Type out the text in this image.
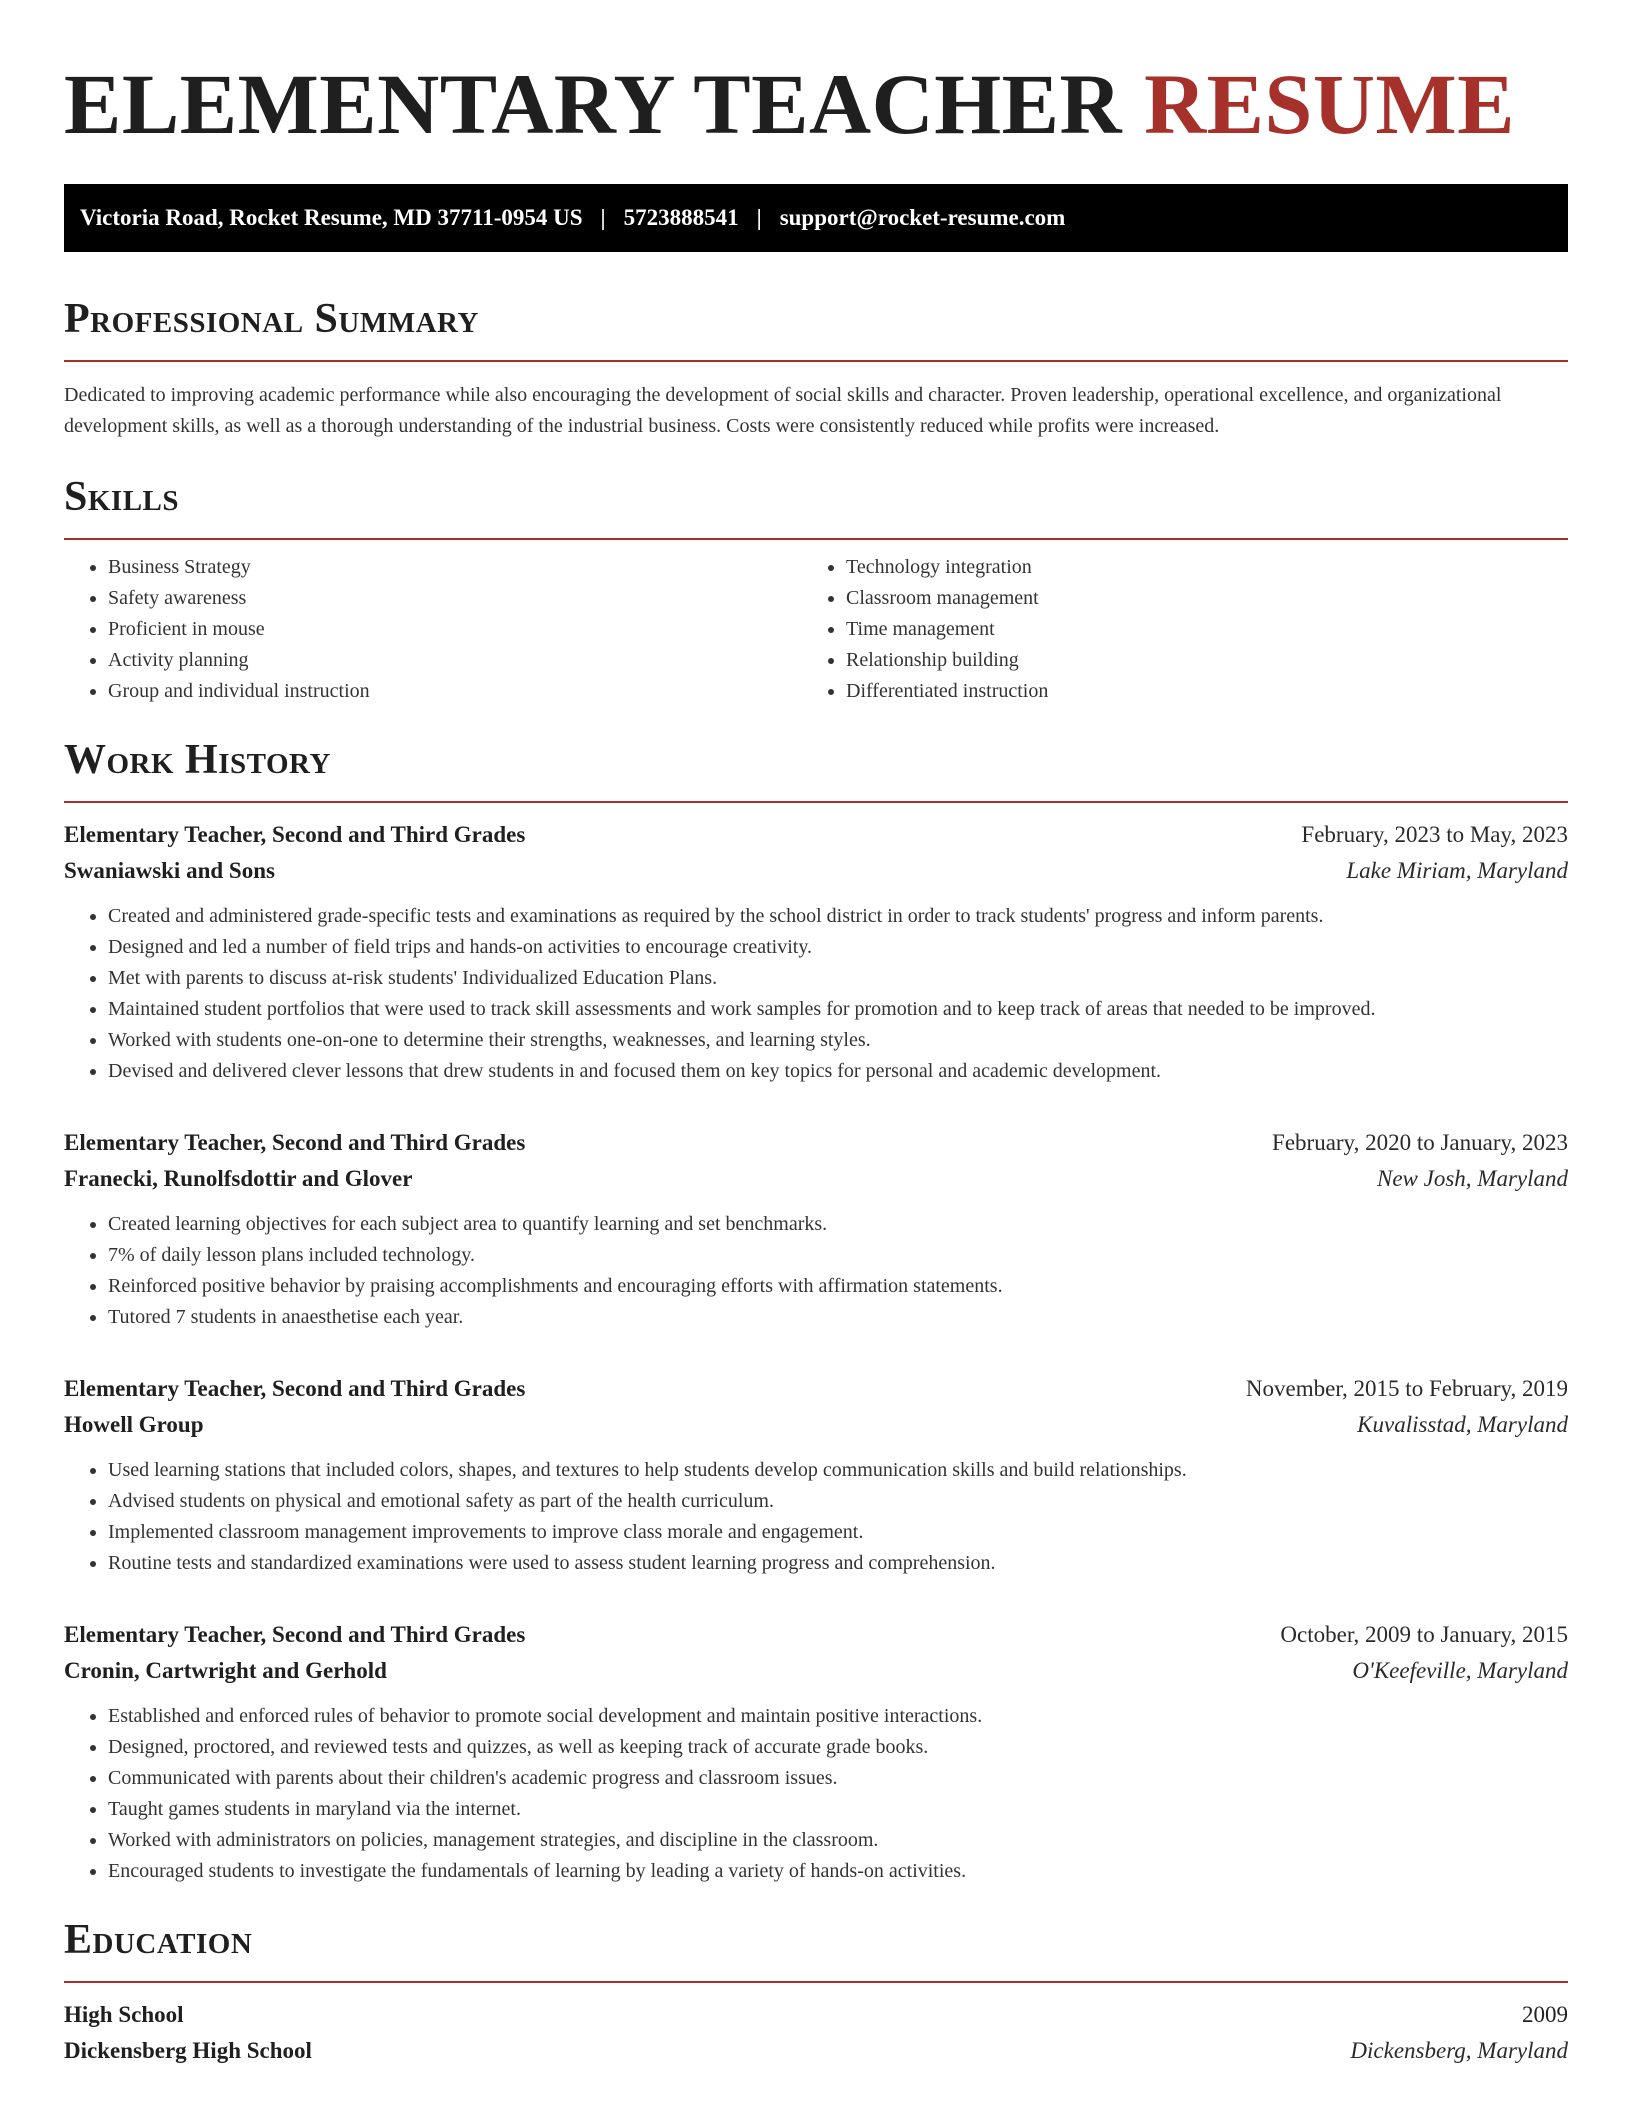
ELEMENTARY TEACHER RESUME
Victoria Road, Rocket Resume, MD 37711-0954 US | 5723888541 | support@rocket-resume.com
Professional Summary

Dedicated to improving academic performance while also encouraging the development of social skills and character. Proven leadership, operational excellence, and organizational development skills, as well as a thorough understanding of the industrial business. Costs were consistently reduced while profits were increased.

Skills
• Business Strategy
• Safety awareness
• Proficient in mouse
• Activity planning
• Group and individual instruction
• Technology integration
• Classroom management
• Time management
• Relationship building
• Differentiated instruction
Work History
Elementary Teacher, Second and Third Grades	February, 2023 to May, 2023
Swaniawski and Sons	Lake Miriam, Maryland
• Created and administered grade-specific tests and examinations as required by the school district in order to track students' progress and inform parents.
• Designed and led a number of field trips and hands-on activities to encourage creativity.
• Met with parents to discuss at-risk students' Individualized Education Plans.
• Maintained student portfolios that were used to track skill assessments and work samples for promotion and to keep track of areas that needed to be improved.
• Worked with students one-on-one to determine their strengths, weaknesses, and learning styles.
• Devised and delivered clever lessons that drew students in and focused them on key topics for personal and academic development.
Elementary Teacher, Second and Third Grades	February, 2020 to January, 2023
Franecki, Runolfsdottir and Glover	New Josh, Maryland
• Created learning objectives for each subject area to quantify learning and set benchmarks.
• 7% of daily lesson plans included technology.
• Reinforced positive behavior by praising accomplishments and encouraging efforts with affirmation statements.
• Tutored 7 students in anaesthetise each year.
Elementary Teacher, Second and Third Grades	November, 2015 to February, 2019
Howell Group	Kuvalisstad, Maryland
• Used learning stations that included colors, shapes, and textures to help students develop communication skills and build relationships.
• Advised students on physical and emotional safety as part of the health curriculum.
• Implemented classroom management improvements to improve class morale and engagement.
• Routine tests and standardized examinations were used to assess student learning progress and comprehension.
Elementary Teacher, Second and Third Grades	October, 2009 to January, 2015
Cronin, Cartwright and Gerhold	O'Keefeville, Maryland
• Established and enforced rules of behavior to promote social development and maintain positive interactions.
• Designed, proctored, and reviewed tests and quizzes, as well as keeping track of accurate grade books.
• Communicated with parents about their children's academic progress and classroom issues.
• Taught games students in maryland via the internet.
• Worked with administrators on policies, management strategies, and discipline in the classroom.
• Encouraged students to investigate the fundamentals of learning by leading a variety of hands-on activities.
Education
High School	2009
Dickensberg High School	Dickensberg, Maryland
